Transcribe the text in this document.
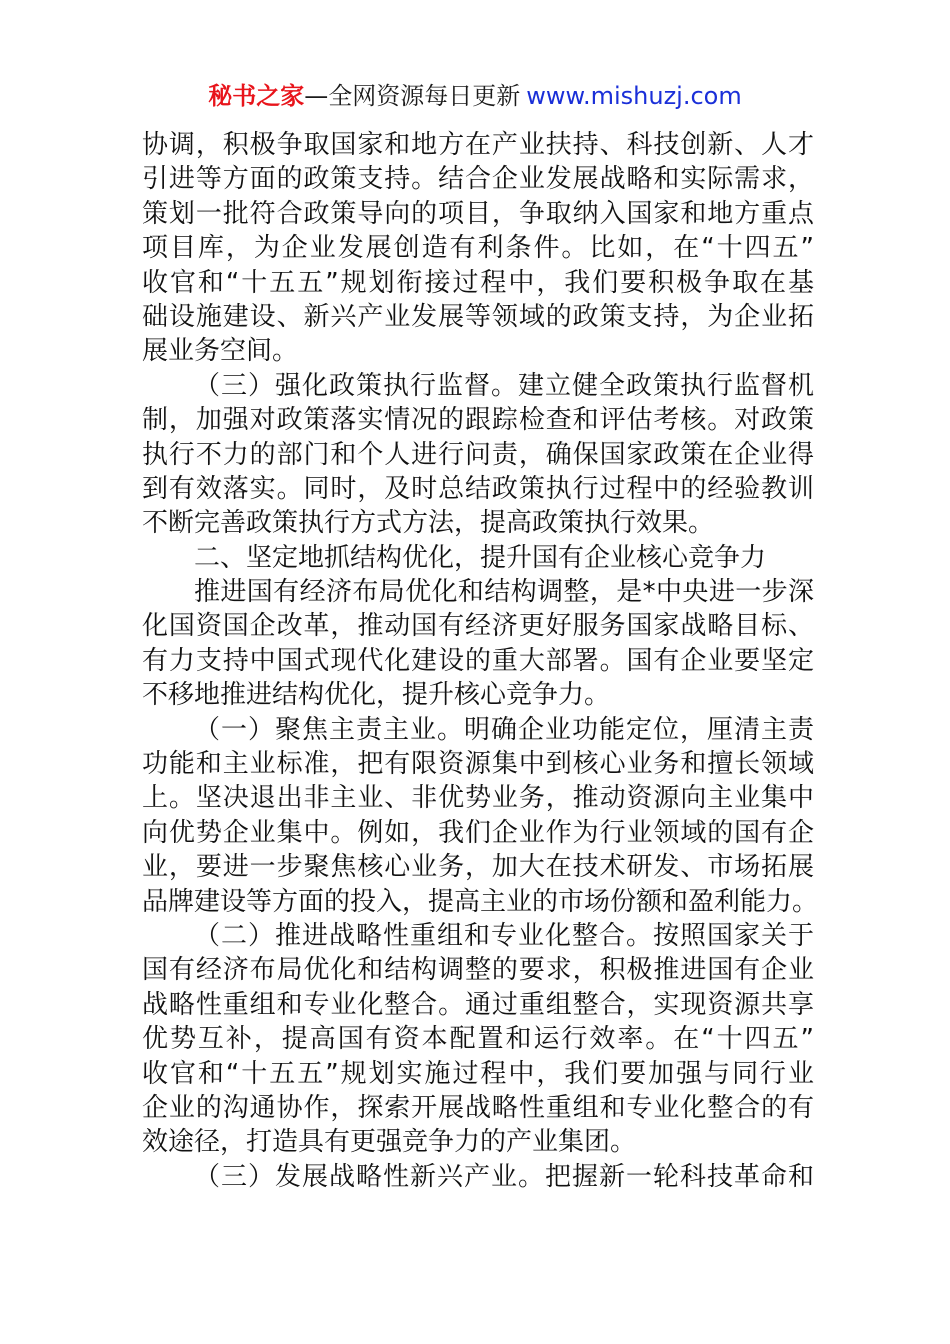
秘书之家—全网资源每日更新 www.mishuzj.com
协调，积极争取国家和地方在产业扶持、科技创新、人才
引进等方面的政策支持。结合企业发展战略和实际需求，
策划一批符合政策导向的项目，争取纳入国家和地方重点
项目库，为企业发展创造有利条件。比如，在“十四五”
收官和“十五五”规划衔接过程中，我们要积极争取在基
础设施建设、新兴产业发展等领域的政策支持，为企业拓
展业务空间。
（三）强化政策执行监督。建立健全政策执行监督机
制，加强对政策落实情况的跟踪检查和评估考核。对政策
执行不力的部门和个人进行问责，确保国家政策在企业得
到有效落实。同时，及时总结政策执行过程中的经验教训
不断完善政策执行方式方法，提高政策执行效果。
二、坚定地抓结构优化，提升国有企业核心竞争力
推进国有经济布局优化和结构调整，是*中央进一步深
化国资国企改革，推动国有经济更好服务国家战略目标、
有力支持中国式现代化建设的重大部署。国有企业要坚定
不移地推进结构优化，提升核心竞争力。
（一）聚焦主责主业。明确企业功能定位，厘清主责
功能和主业标准，把有限资源集中到核心业务和擅长领域
上。坚决退出非主业、非优势业务，推动资源向主业集中
向优势企业集中。例如，我们企业作为行业领域的国有企
业，要进一步聚焦核心业务，加大在技术研发、市场拓展
品牌建设等方面的投入，提高主业的市场份额和盈利能力。
（二）推进战略性重组和专业化整合。按照国家关于
国有经济布局优化和结构调整的要求，积极推进国有企业
战略性重组和专业化整合。通过重组整合，实现资源共享
优势互补，提高国有资本配置和运行效率。在“十四五”
收官和“十五五”规划实施过程中，我们要加强与同行业
企业的沟通协作，探索开展战略性重组和专业化整合的有
效途径，打造具有更强竞争力的产业集团。
（三）发展战略性新兴产业。把握新一轮科技革命和
